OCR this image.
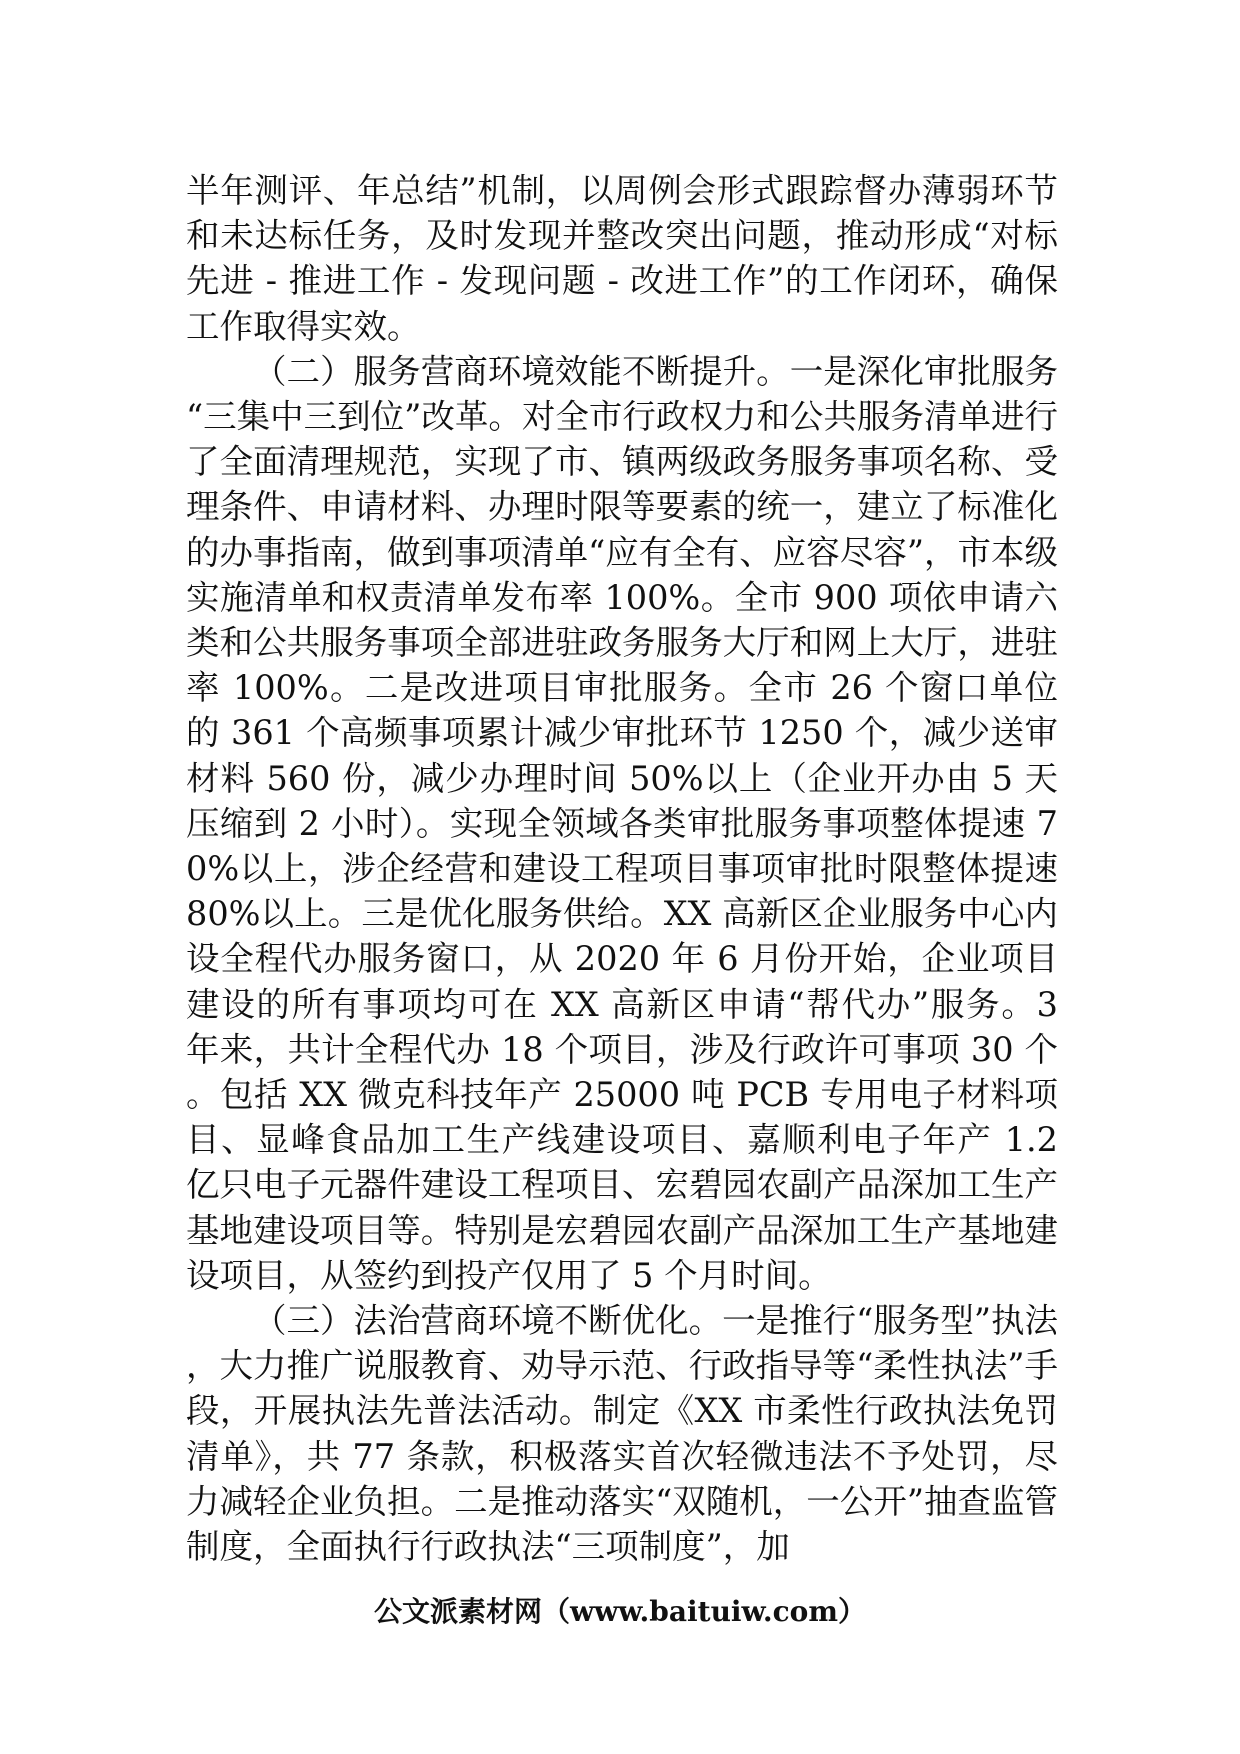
半年测评、年总结”机制，以周例会形式跟踪督办薄弱环节和未达标任务，及时发现并整改突出问题，推动形成“对标先进 - 推进工作 - 发现问题 - 改进工作”的工作闭环，确保工作取得实效。

（二）服务营商环境效能不断提升。一是深化审批服务“三集中三到位”改革。对全市行政权力和公共服务清单进行了全面清理规范，实现了市、镇两级政务服务事项名称、受理条件、申请材料、办理时限等要素的统一，建立了标准化的办事指南，做到事项清单“应有全有、应容尽容”，市本级实施清单和权责清单发布率 100%。全市 900 项依申请六类和公共服务事项全部进驻政务服务大厅和网上大厅，进驻率 100%。二是改进项目审批服务。全市 26 个窗口单位的 361 个高频事项累计减少审批环节 1250 个，减少送审材料 560 份，减少办理时间 50%以上（企业开办由 5 天压缩到 2 小时）。实现全领域各类审批服务事项整体提速 70%以上，涉企经营和建设工程项目事项审批时限整体提速 80%以上。三是优化服务供给。XX 高新区企业服务中心内设全程代办服务窗口，从 2020 年 6 月份开始，企业项目建设的所有事项均可在 XX 高新区申请“帮代办”服务。3 年来，共计全程代办 18 个项目，涉及行政许可事项 30 个。包括 XX 微克科技年产 25000 吨 PCB 专用电子材料项目、显峰食品加工生产线建设项目、嘉顺利电子年产 1.2 亿只电子元器件建设工程项目、宏碧园农副产品深加工生产基地建设项目等。特别是宏碧园农副产品深加工生产基地建设项目，从签约到投产仅用了 5 个月时间。

（三）法治营商环境不断优化。一是推行“服务型”执法，大力推广说服教育、劝导示范、行政指导等“柔性执法”手段，开展执法先普法活动。制定《XX 市柔性行政执法免罚清单》，共 77 条款，积极落实首次轻微违法不予处罚，尽力减轻企业负担。二是推动落实“双随机，一公开”抽查监管制度，全面执行行政执法“三项制度”，加

公文派素材网（www.baituiw.com）
